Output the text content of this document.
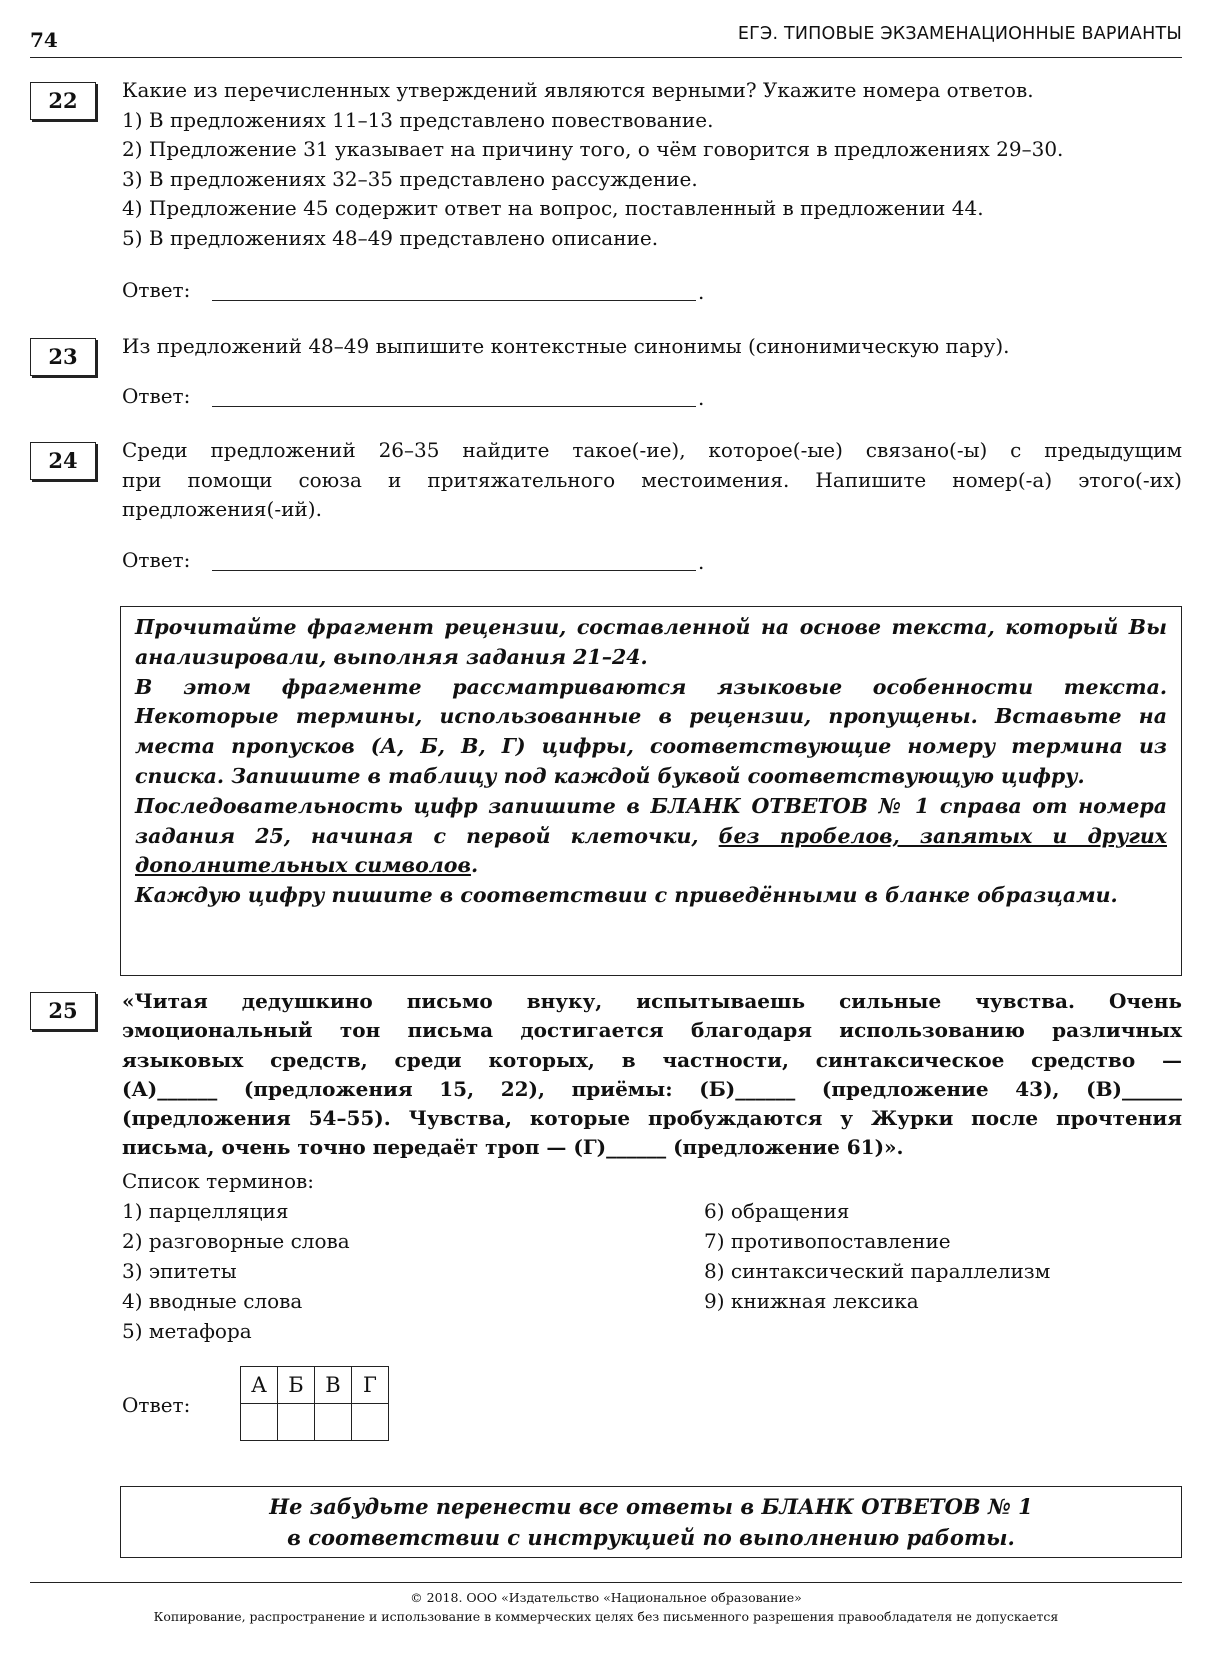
74	ЕГЭ. ТИПОВЫЕ ЭКЗАМЕНАЦИОННЫЕ ВАРИАНТЫ
22	Какие из перечисленных утверждений являются верными? Укажите номера ответов.
1) В предложениях 11–13 представлено повествование.
2) Предложение 31 указывает на причину того, о чём говорится в предложениях 29–30.
3) В предложениях 32–35 представлено рассуждение.
4) Предложение 45 содержит ответ на вопрос, поставленный в предложении 44.
5) В предложениях 48–49 представлено описание.
Ответ:	.
23	Из предложений 48–49 выпишите контекстные синонимы (синонимическую пару).
Ответ:	.
24	Среди предложений 26–35 найдите такое(-ие), которое(-ые) связано(-ы) с предыдущим
при помощи союза и притяжательного местоимения. Напишите номер(-а) этого(-их)
предложения(-ий).
Ответ:	.

Прочитайте фрагмент рецензии, составленной на основе текста, который Вы анализировали, выполняя задания 21–24.

В этом фрагменте рассматриваются языковые особенности текста. Некоторые термины, использованные в рецензии, пропущены. Вставьте на места пропусков (А, Б, В, Г) цифры, соответствующие номеру термина из списка. Запишите в таблицу под каждой буквой соответствующую цифру.

Последовательность цифр запишите в БЛАНК ОТВЕТОВ № 1 справа от номера задания 25, начиная с первой клеточки, без пробелов, запятых и других дополнительных символов.

Каждую цифру пишите в соответствии с приведёнными в бланке образцами.

25	«Читая дедушкино письмо внуку, испытываешь сильные чувства. Очень
эмоциональный тон письма достигается благодаря использованию различных
языковых средств, среди которых, в частности, синтаксическое средство —
(А)______ (предложения 15, 22), приёмы: (Б)______ (предложение 43), (В)______
(предложения 54–55). Чувства, которые пробуждаются у Журки после прочтения
письма, очень точно передаёт троп — (Г)______ (предложение 61)».
Список терминов:
1) парцелляция
2) разговорные слова
3) эпитеты
4) вводные слова
5) метафора
6) обращения
7) противопоставление
8) синтаксический параллелизм
9) книжная лексика
Ответ:
А	Б	В	Г

Не забудьте перенести все ответы в БЛАНК ОТВЕТОВ № 1
в соответствии с инструкцией по выполнению работы.
© 2018. ООО «Издательство «Национальное образование»
Копирование, распространение и использование в коммерческих целях без письменного разрешения правообладателя не допускается
